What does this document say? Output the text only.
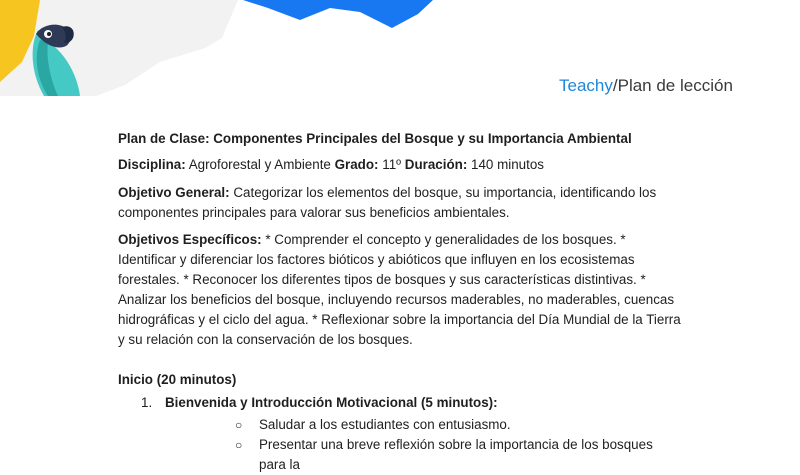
Teachy/Plan de lección

Plan de Clase: Componentes Principales del Bosque y su Importancia Ambiental

Disciplina: Agroforestal y Ambiente Grado: 11º Duración: 140 minutos

Objetivo General: Categorizar los elementos del bosque, su importancia, identificando los componentes principales para valorar sus beneficios ambientales.

Objetivos Específicos: * Comprender el concepto y generalidades de los bosques. * Identificar y diferenciar los factores bióticos y abióticos que influyen en los ecosistemas forestales. * Reconocer los diferentes tipos de bosques y sus características distintivas. * Analizar los beneficios del bosque, incluyendo recursos maderables, no maderables, cuencas hidrográficas y el ciclo del agua. * Reflexionar sobre la importancia del Día Mundial de la Tierra y su relación con la conservación de los bosques.

Inicio (20 minutos)

1. Bienvenida y Introducción Motivacional (5 minutos):
○ Saludar a los estudiantes con entusiasmo.
○ Presentar una breve reflexión sobre la importancia de los bosques para la
